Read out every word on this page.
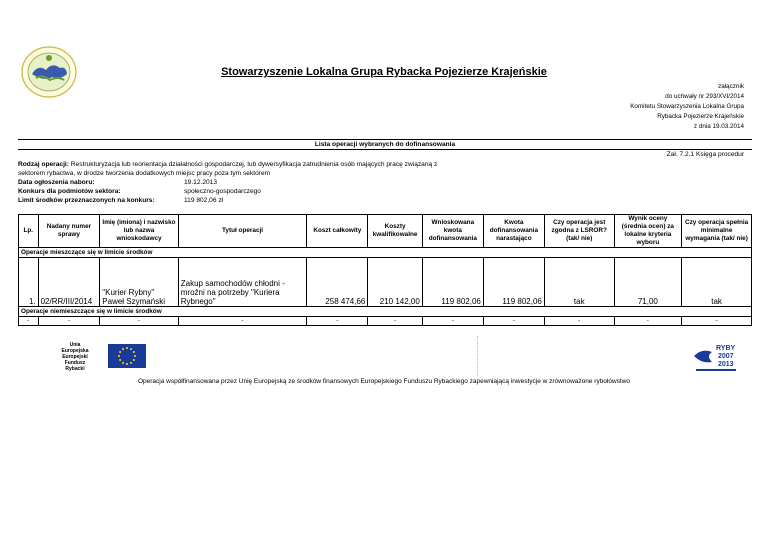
Stowarzyszenie Lokalna Grupa Rybacka Pojezierze Krajeńskie
załącznik
do uchwały nr 293/XVI/2014
Komitetu Stowarzyszenia Lokalna Grupa
Rybacka Pojezierze Krajeńskie
z dnia 19.03.2014
Lista operacji wybranych do dofinansowania
Zał. 7.2.1 Księga procedur
Rodzaj operacji: Restrukturyzacja lub reorientacja działalności gospodarczej, lub dywersyfikacja zatrudnienia osób mających pracę związaną z
sektorem rybactwa, w drodze tworzenia dodatkowych miejsc pracy poza tym sektorem
Data ogłoszenia naboru:	19.12.2013
Konkurs dla podmiotów sektora:	społeczno-gospodarczego
Limit środków przeznaczonych na konkurs:	119 802,06 zł
Lp.	Nadany numer sprawy	Imię (imiona) i nazwisko lub nazwa wnioskodawcy	Tytuł operacji	Koszt całkowity	Koszty kwalifikowalne	Wnioskowana kwota dofinansowania	Kwota dofinansowania narastająco	Czy operacja jest zgodna z LSROR? (tak/ nie)	Wynik oceny (średnia ocen) za lokalne kryteria wyboru	Czy operacja spełnia minimalne wymagania (tak/ nie)
Operacje mieszczące się w limicie środków										
1.	02/RR/III/2014	"Kurier Rybny" Paweł Szymański	Zakup samochodów chłodni - mroźni na potrzeby "Kuriera Rybnego"	258 474,66	210 142,00	119 802,06	119 802,06	tak	71,00	tak
Operacje niemieszczące się w limicie środków										
-	-	-	-	-	-	-	-	-	-	-
Unia Europejska Europejski Fundusz Rybacki
RYBY
2007
2013
Operacja współfinansowana przez Unię Europejską ze środków finansowych Europejskiego Funduszu Rybackiego zapewniającą inwestycje w zrównoważone rybołówstwo
